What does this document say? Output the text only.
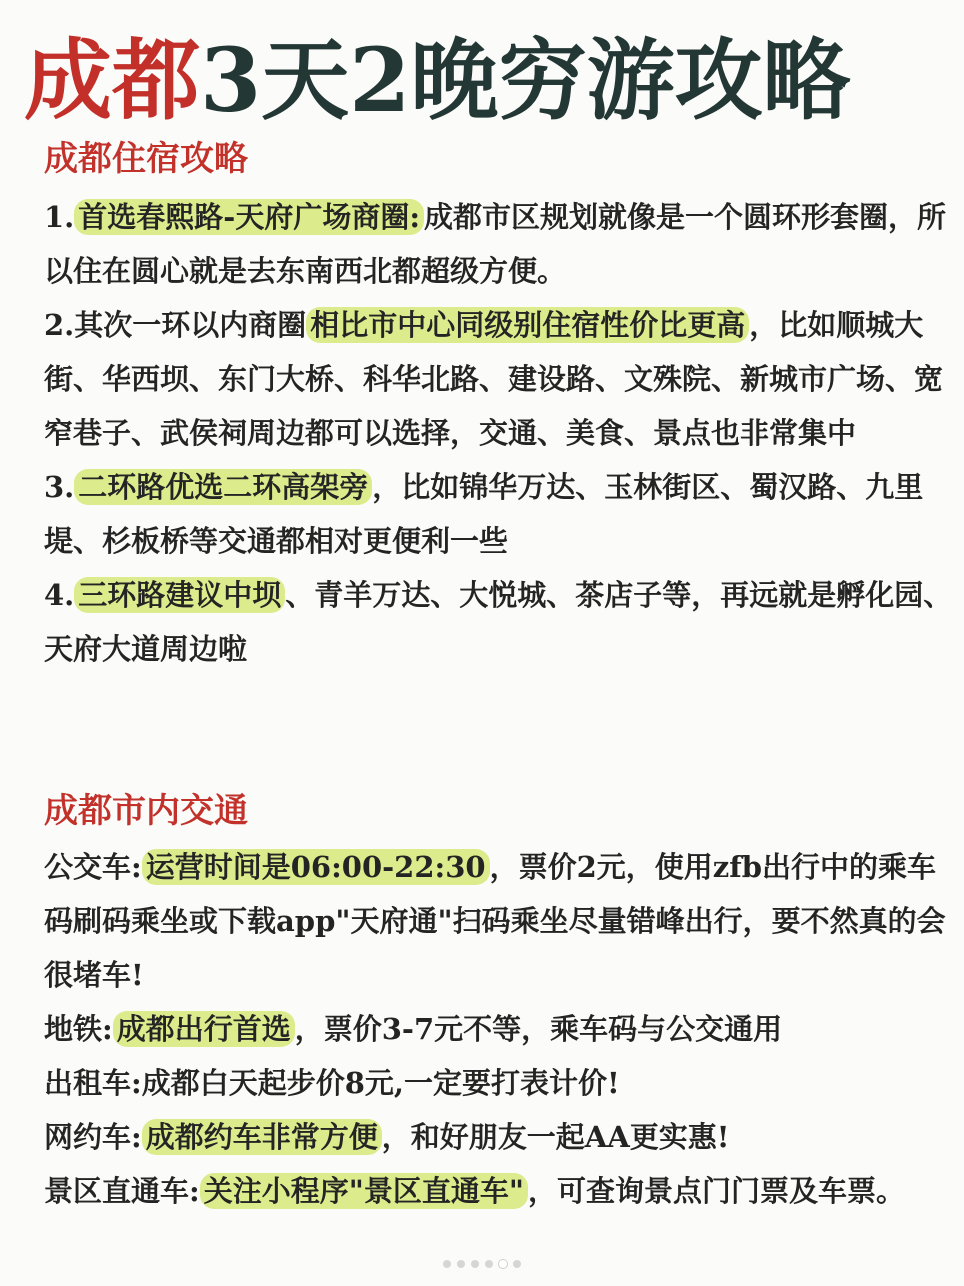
成都3天2晚穷游攻略
成都住宿攻略

1. 首选春熙路-天府广场商圈: 成都市区规划就像是一个圆环形套圈，所以住在圆心就是去东南西北都超级方便。

2.其次一环以内商圈 相比市中心同级别住宿性价比更高 ，比如顺城大街、华西坝、东门大桥、科华北路、建设路、文殊院、新城市广场、宽窄巷子、武侯祠周边都可以选择，交通、美食、景点也非常集中

3. 二环路优选二环高架旁 ，比如锦华万达、玉林街区、蜀汉路、九里堤、杉板桥等交通都相对更便利一些

4. 三环路建议中坝 、青羊万达、大悦城、茶店子等，再远就是孵化园、天府大道周边啦

成都市内交通

公交车: 运营时间是06:00-22:30 ，票价2元，使用zfb出行中的乘车码刷码乘坐或下载app"天府通"扫码乘坐尽量错峰出行，要不然真的会很堵车!

地铁: 成都出行首选 ，票价3-7元不等，乘车码与公交通用

出租车:成都白天起步价8元,一定要打表计价!

网约车: 成都约车非常方便 ，和好朋友一起AA更实惠!

景区直通车: 关注小程序"景区直通车" ，可查询景点门门票及车票。
